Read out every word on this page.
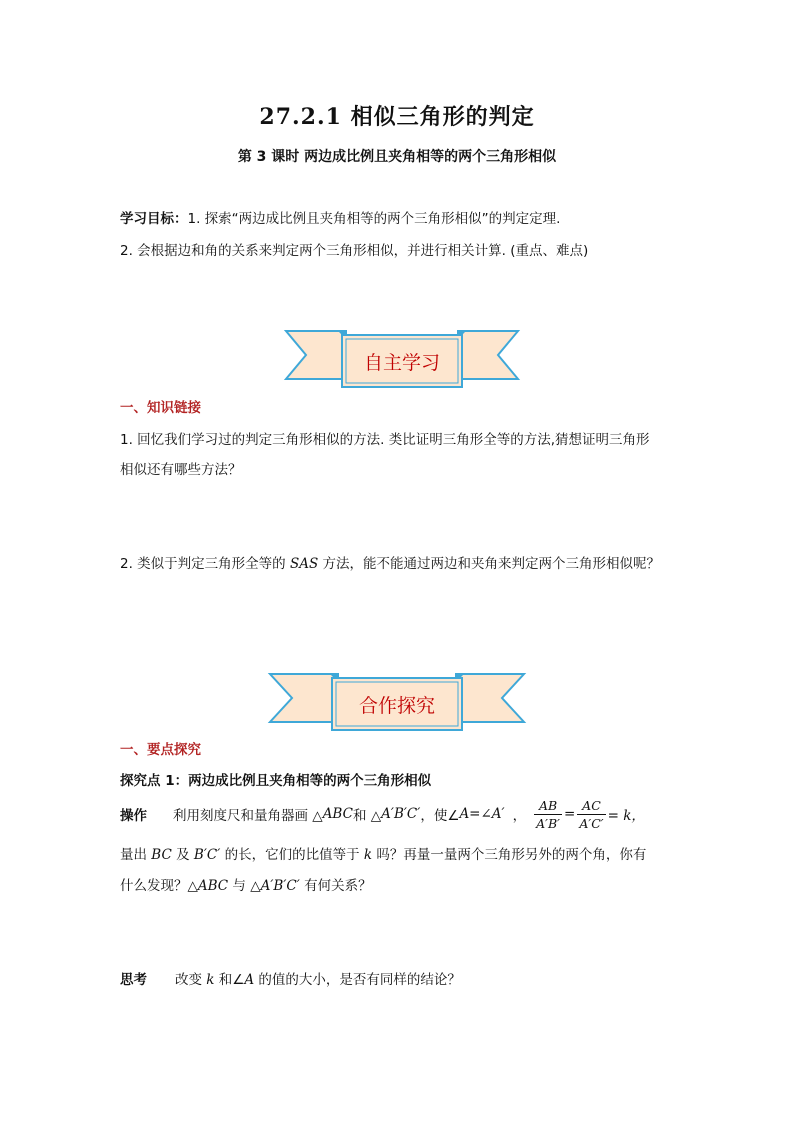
27.2.1 相似三角形的判定
第 3 课时 两边成比例且夹角相等的两个三角形相似
学习目标：1. 探索“两边成比例且夹角相等的两个三角形相似”的判定定理.
2. 会根据边和角的关系来判定两个三角形相似，并进行相关计算. (重点、难点)
自主学习
一、知识链接
1. 回忆我们学习过的判定三角形相似的方法. 类比证明三角形全等的方法,猜想证明三角形
相似还有哪些方法？
2. 类似于判定三角形全等的 SAS 方法，能不能通过两边和夹角来判定两个三角形相似呢？
合作探究
一、要点探究
探究点 1：两边成比例且夹角相等的两个三角形相似
操作 利用刻度尺和量角器画 △ ABC 和 △ A′B′C′ ，使∠ A=∠A′ ， $\frac{AB}{A'B'} = \frac{AC}{A'C'} = k$，
量出 BC 及 B′C′ 的长，它们的比值等于 k 吗？再量一量两个三角形另外的两个角，你有
什么发现？△ABC 与 △A′B′C′ 有何关系？
思考 改变 k 和∠A 的值的大小，是否有同样的结论？
